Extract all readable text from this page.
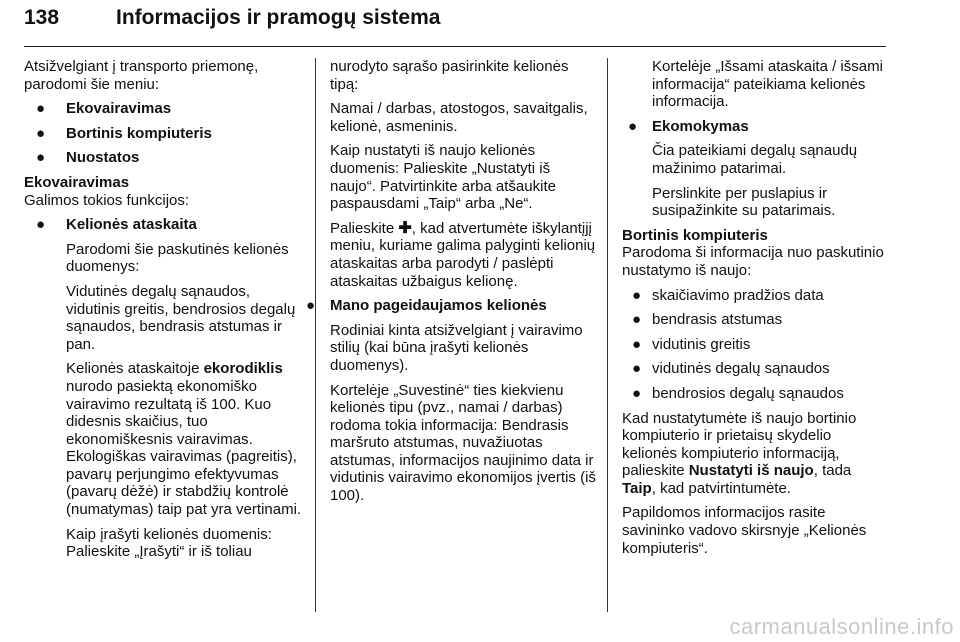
138	Informacijos ir pramogų sistema

Atsižvelgiant į transporto priemonę, parodomi šie meniu:

● Ekovairavimas
● Bortinis kompiuteris
● Nuostatos

Ekovairavimas

Galimos tokios funkcijos:

● Kelionės ataskaita

Parodomi šie paskutinės kelionės duomenys:

Vidutinės degalų sąnaudos, vidutinis greitis, bendrosios degalų sąnaudos, bendrasis atstumas ir pan.

Kelionės ataskaitoje ekorodiklis nurodo pasiektą ekonomiško vairavimo rezultatą iš 100. Kuo didesnis skaičius, tuo ekonomiškesnis vairavimas. Ekologiškas vairavimas (pagreitis), pavarų perjungimo efektyvumas (pavarų dėžė) ir stabdžių kontrolė (numatymas) taip pat yra vertinami.

Kaip įrašyti kelionės duomenis: Palieskite „Įrašyti“ ir iš toliau

nurodyto sąrašo pasirinkite kelionės tipą:

Namai / darbas, atostogos, savaitgalis, kelionė, asmeninis.

Kaip nustatyti iš naujo kelionės duomenis: Palieskite „Nustatyti iš naujo“. Patvirtinkite arba atšaukite paspausdami „Taip“ arba „Ne“.

Palieskite ✚, kad atvertumėte iškylantįjį meniu, kuriame galima palyginti kelionių ataskaitas arba parodyti / paslėpti ataskaitas užbaigus kelionę.

● Mano pageidaujamos kelionės

Rodiniai kinta atsižvelgiant į vairavimo stilių (kai būna įrašyti kelionės duomenys).

Kortelėje „Suvestinė“ ties kiekvienu kelionės tipu (pvz., namai / darbas) rodoma tokia informacija: Bendrasis maršruto atstumas, nuvažiuotas atstumas, informacijos naujinimo data ir vidutinis vairavimo ekonomijos įvertis (iš 100).

Kortelėje „Išsami ataskaita / išsami informacija“ pateikiama kelionės informacija.

● Ekomokymas

Čia pateikiami degalų sąnaudų mažinimo patarimai.

Perslinkite per puslapius ir susipažinkite su patarimais.

Bortinis kompiuteris

Parodoma ši informacija nuo paskutinio nustatymo iš naujo:

● skaičiavimo pradžios data
● bendrasis atstumas
● vidutinis greitis
● vidutinės degalų sąnaudos
● bendrosios degalų sąnaudos

Kad nustatytumėte iš naujo bortinio kompiuterio ir prietaisų skydelio kelionės kompiuterio informaciją, palieskite Nustatyti iš naujo, tada Taip, kad patvirtintumėte.

Papildomos informacijos rasite savininko vadovo skirsnyje „Kelionės kompiuteris“.

carmanualsonline.info
